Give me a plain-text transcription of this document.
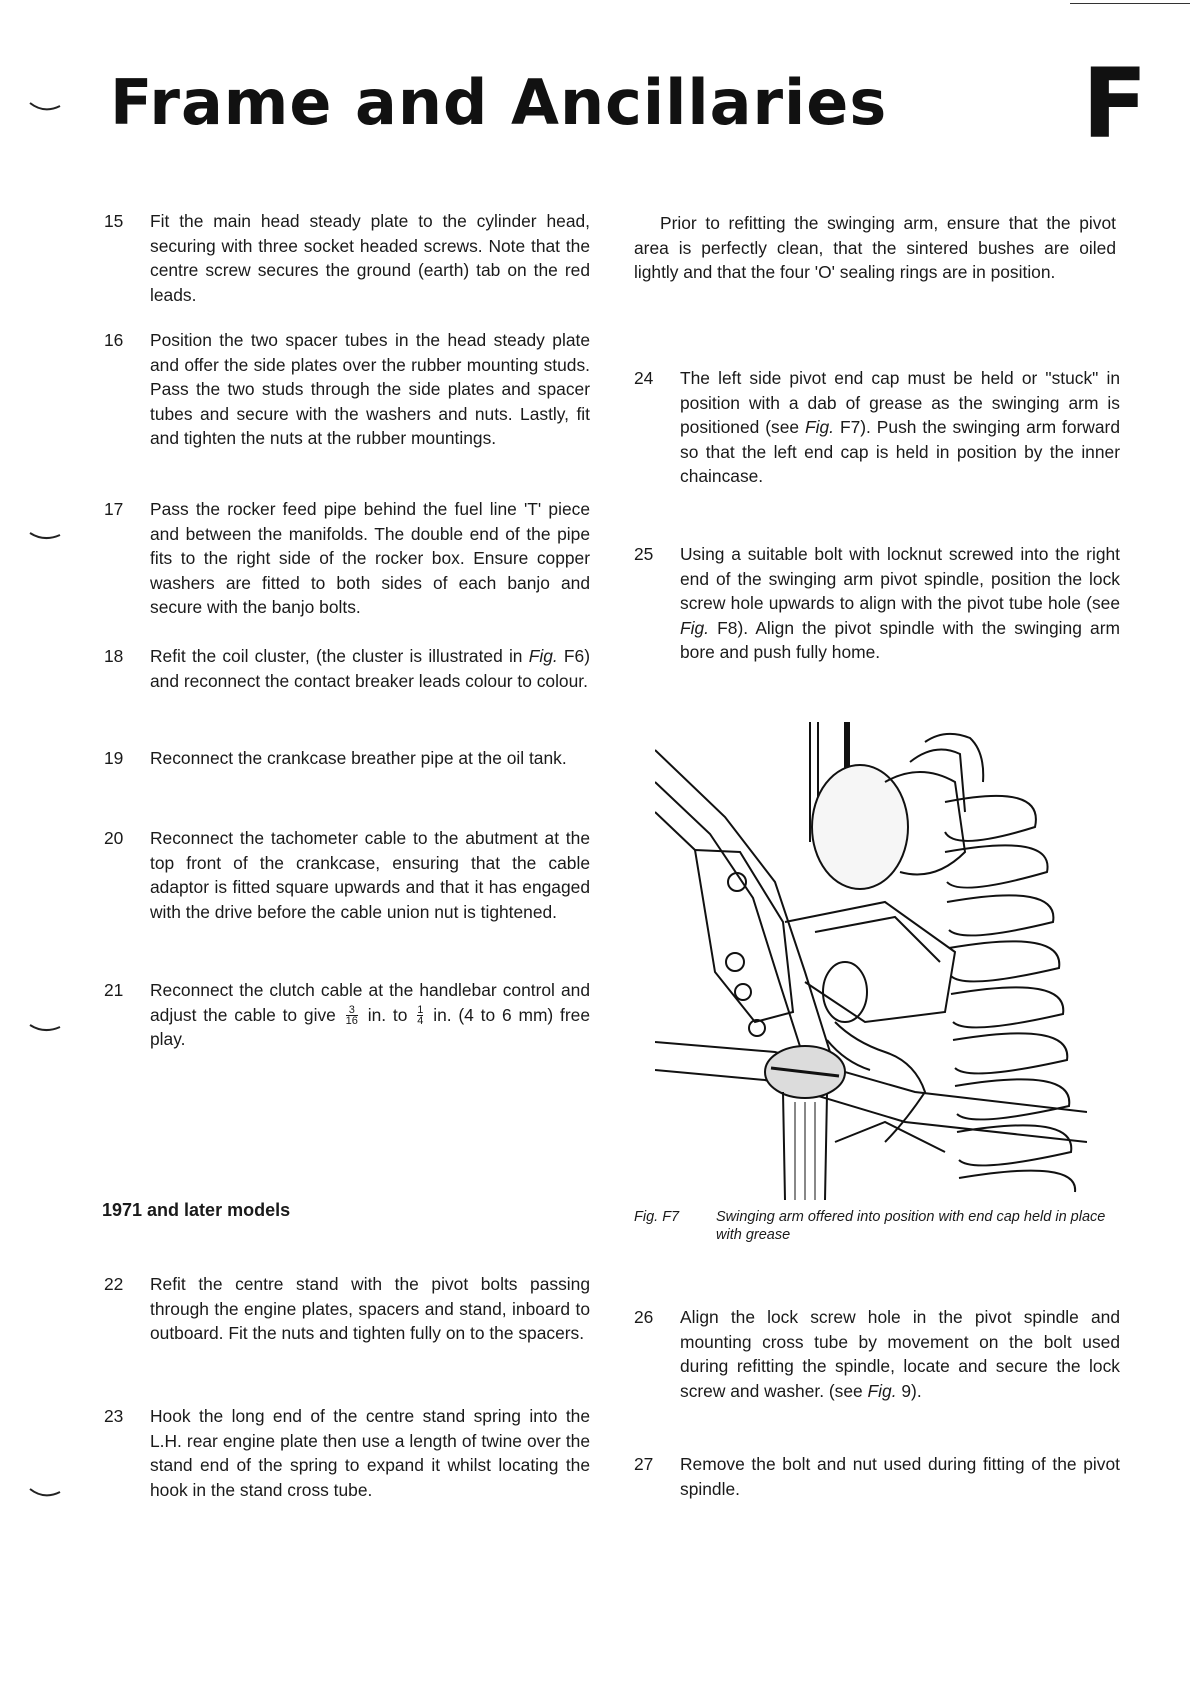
Frame and Ancillaries F
15	Fit the main head steady plate to the cylinder head, securing with three socket headed screws. Note that the centre screw secures the ground (earth) tab on the red leads.
16	Position the two spacer tubes in the head steady plate and offer the side plates over the rubber mounting studs. Pass the two studs through the side plates and spacer tubes and secure with the washers and nuts. Lastly, fit and tighten the nuts at the rubber mountings.
17	Pass the rocker feed pipe behind the fuel line 'T' piece and between the manifolds. The double end of the pipe fits to the right side of the rocker box. Ensure copper washers are fitted to both sides of each banjo and secure with the banjo bolts.
18	Refit the coil cluster, (the cluster is illustrated in Fig. F6) and reconnect the contact breaker leads colour to colour.
19	Reconnect the crankcase breather pipe at the oil tank.
20	Reconnect the tachometer cable to the abutment at the top front of the crankcase, ensuring that the cable adaptor is fitted square upwards and that it has engaged with the drive before the cable union nut is tightened.
21	Reconnect the clutch cable at the handlebar control and adjust the cable to give $\frac{3}{16}$ in. to $\frac{1}{4}$ in. (4 to 6 mm) free play.
1971 and later models
22	Refit the centre stand with the pivot bolts passing through the engine plates, spacers and stand, inboard to outboard. Fit the nuts and tighten fully on to the spacers.
23	Hook the long end of the centre stand spring into the L.H. rear engine plate then use a length of twine over the stand end of the spring to expand it whilst locating the hook in the stand cross tube.
Prior to refitting the swinging arm, ensure that the pivot area is perfectly clean, that the sintered bushes are oiled lightly and that the four 'O' sealing rings are in position.
24	The left side pivot end cap must be held or "stuck" in position with a dab of grease as the swinging arm is positioned (see Fig. F7). Push the swinging arm forward so that the left end cap is held in position by the inner chaincase.
25	Using a suitable bolt with locknut screwed into the right end of the swinging arm pivot spindle, position the lock screw hole upwards to align with the pivot tube hole (see Fig. F8). Align the pivot spindle with the swinging arm bore and push fully home.
Fig. F7	Swinging arm offered into position with end cap held in place with grease
26	Align the lock screw hole in the pivot spindle and mounting cross tube by movement on the bolt used during refitting the spindle, locate and secure the lock screw and washer. (see Fig. 9).
27	Remove the bolt and nut used during fitting of the pivot spindle.
